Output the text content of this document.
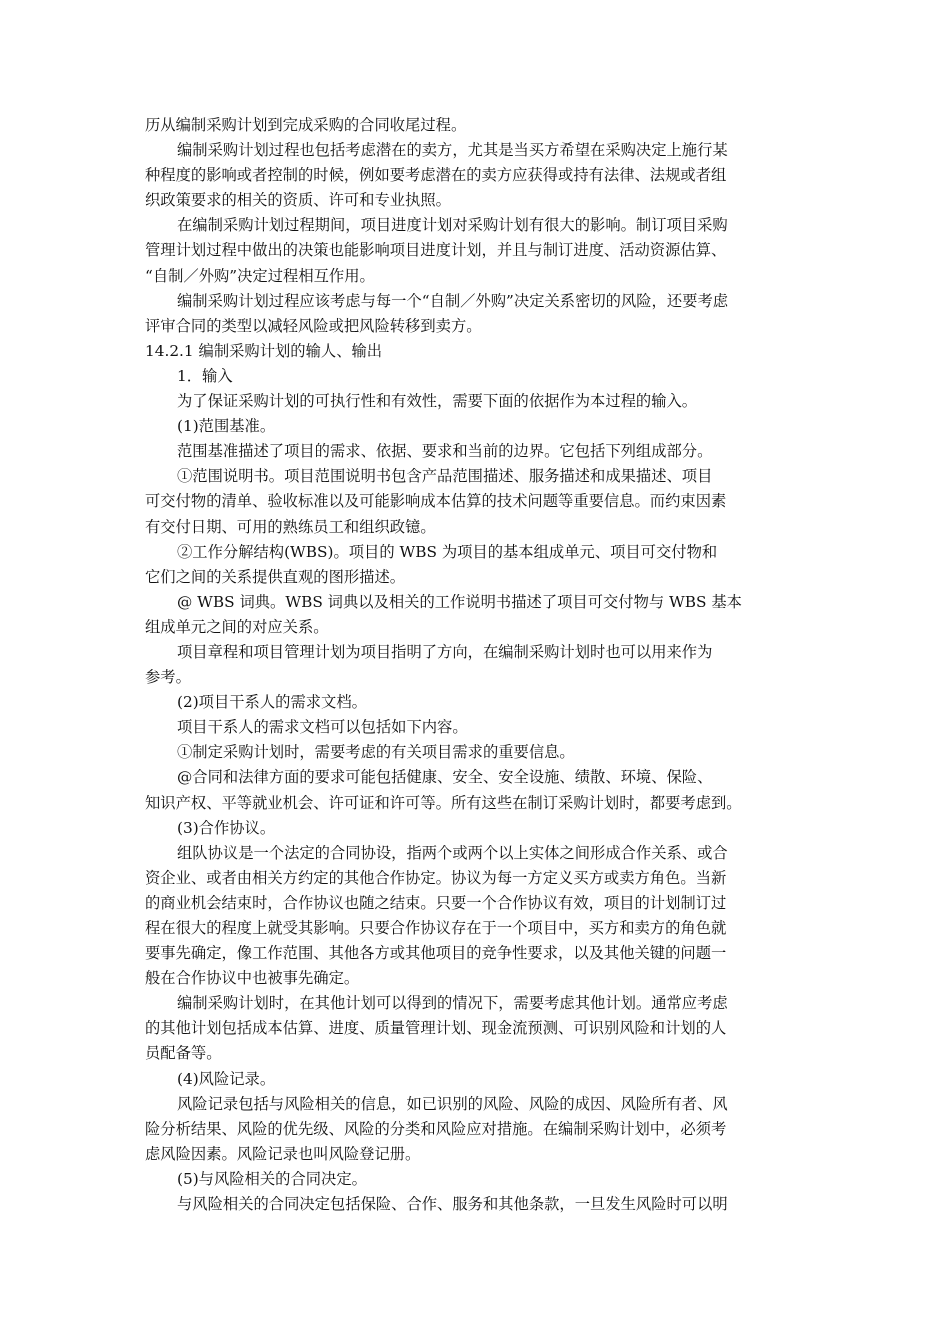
历从编制采购计划到完成采购的合同收尾过程。
编制采购计划过程也包括考虑潜在的卖方，尤其是当买方希望在采购决定上施行某
种程度的影响或者控制的时候，例如要考虑潜在的卖方应获得或持有法律、法规或者组
织政策要求的相关的资质、许可和专业执照。
在编制采购计划过程期间，项目进度计划对采购计划有很大的影响。制订项目采购
管理计划过程中做出的决策也能影响项目进度计划，并且与制订进度、活动资源估算、
“自制／外购”决定过程相互作用。
编制采购计划过程应该考虑与每一个“自制／外购”决定关系密切的风险，还要考虑
评审合同的类型以减轻风险或把风险转移到卖方。
14.2.1 编制采购计划的输人、输出
1．输入
为了保证采购计划的可执行性和有效性，需要下面的依据作为本过程的输入。
(1)范围基准。
范围基准描述了项目的需求、依据、要求和当前的边界。它包括下列组成部分。
①范围说明书。项目范围说明书包含产品范围描述、服务描述和成果描述、项目
可交付物的清单、验收标准以及可能影响成本估算的技术问题等重要信息。而约束因素
有交付日期、可用的熟练员工和组织政镱。
②工作分解结构(WBS)。项目的 WBS 为项目的基本组成单元、项目可交付物和
它们之间的关系提供直观的图形描述。
@ WBS 词典。WBS 词典以及相关的工作说明书描述了项目可交付物与 WBS 基本
组成单元之间的对应关系。
项目章程和项目管理计划为项目指明了方向，在编制采购计划时也可以用来作为
参考。
(2)项目干系人的需求文档。
项目干系人的需求文档可以包括如下内容。
①制定采购计划时，需要考虑的有关项目需求的重要信息。
@合同和法律方面的要求可能包括健康、安全、安全设施、绩散、环境、保险、
知识产权、平等就业机会、许可证和许可等。所有这些在制订采购计划时，都要考虑到。
(3)合作协议。
组队协议是一个法定的合同协设，指两个或两个以上实体之间形成合作关系、或合
资企业、或者由相关方约定的其他合作协定。协议为每一方定义买方或卖方角色。当新
的商业机会结束时，合作协议也随之结束。只要一个合作协议有效，项目的计划制订过
程在很大的程度上就受其影响。只要合作协议存在于一个项目中，买方和卖方的角色就
要事先确定，像工作范围、其他各方或其他项目的竞争性要求，以及其他关键的问题一
般在合作协议中也被事先确定。
编制采购计划时，在其他计划可以得到的情况下，需要考虑其他计划。通常应考虑
的其他计划包括成本估算、进度、质量管理计划、现金流预测、可识别风险和计划的人
员配备等。
(4)风险记录。
风险记录包括与风险相关的信息，如已识别的风险、风险的成因、风险所有者、风
险分析结果、风险的优先级、风险的分类和风险应对措施。在编制采购计划中，必须考
虑风险因素。风险记录也叫风险登记册。
(5)与风险相关的合同决定。
与风险相关的合同决定包括保险、合作、服务和其他条款，一旦发生风险时可以明
